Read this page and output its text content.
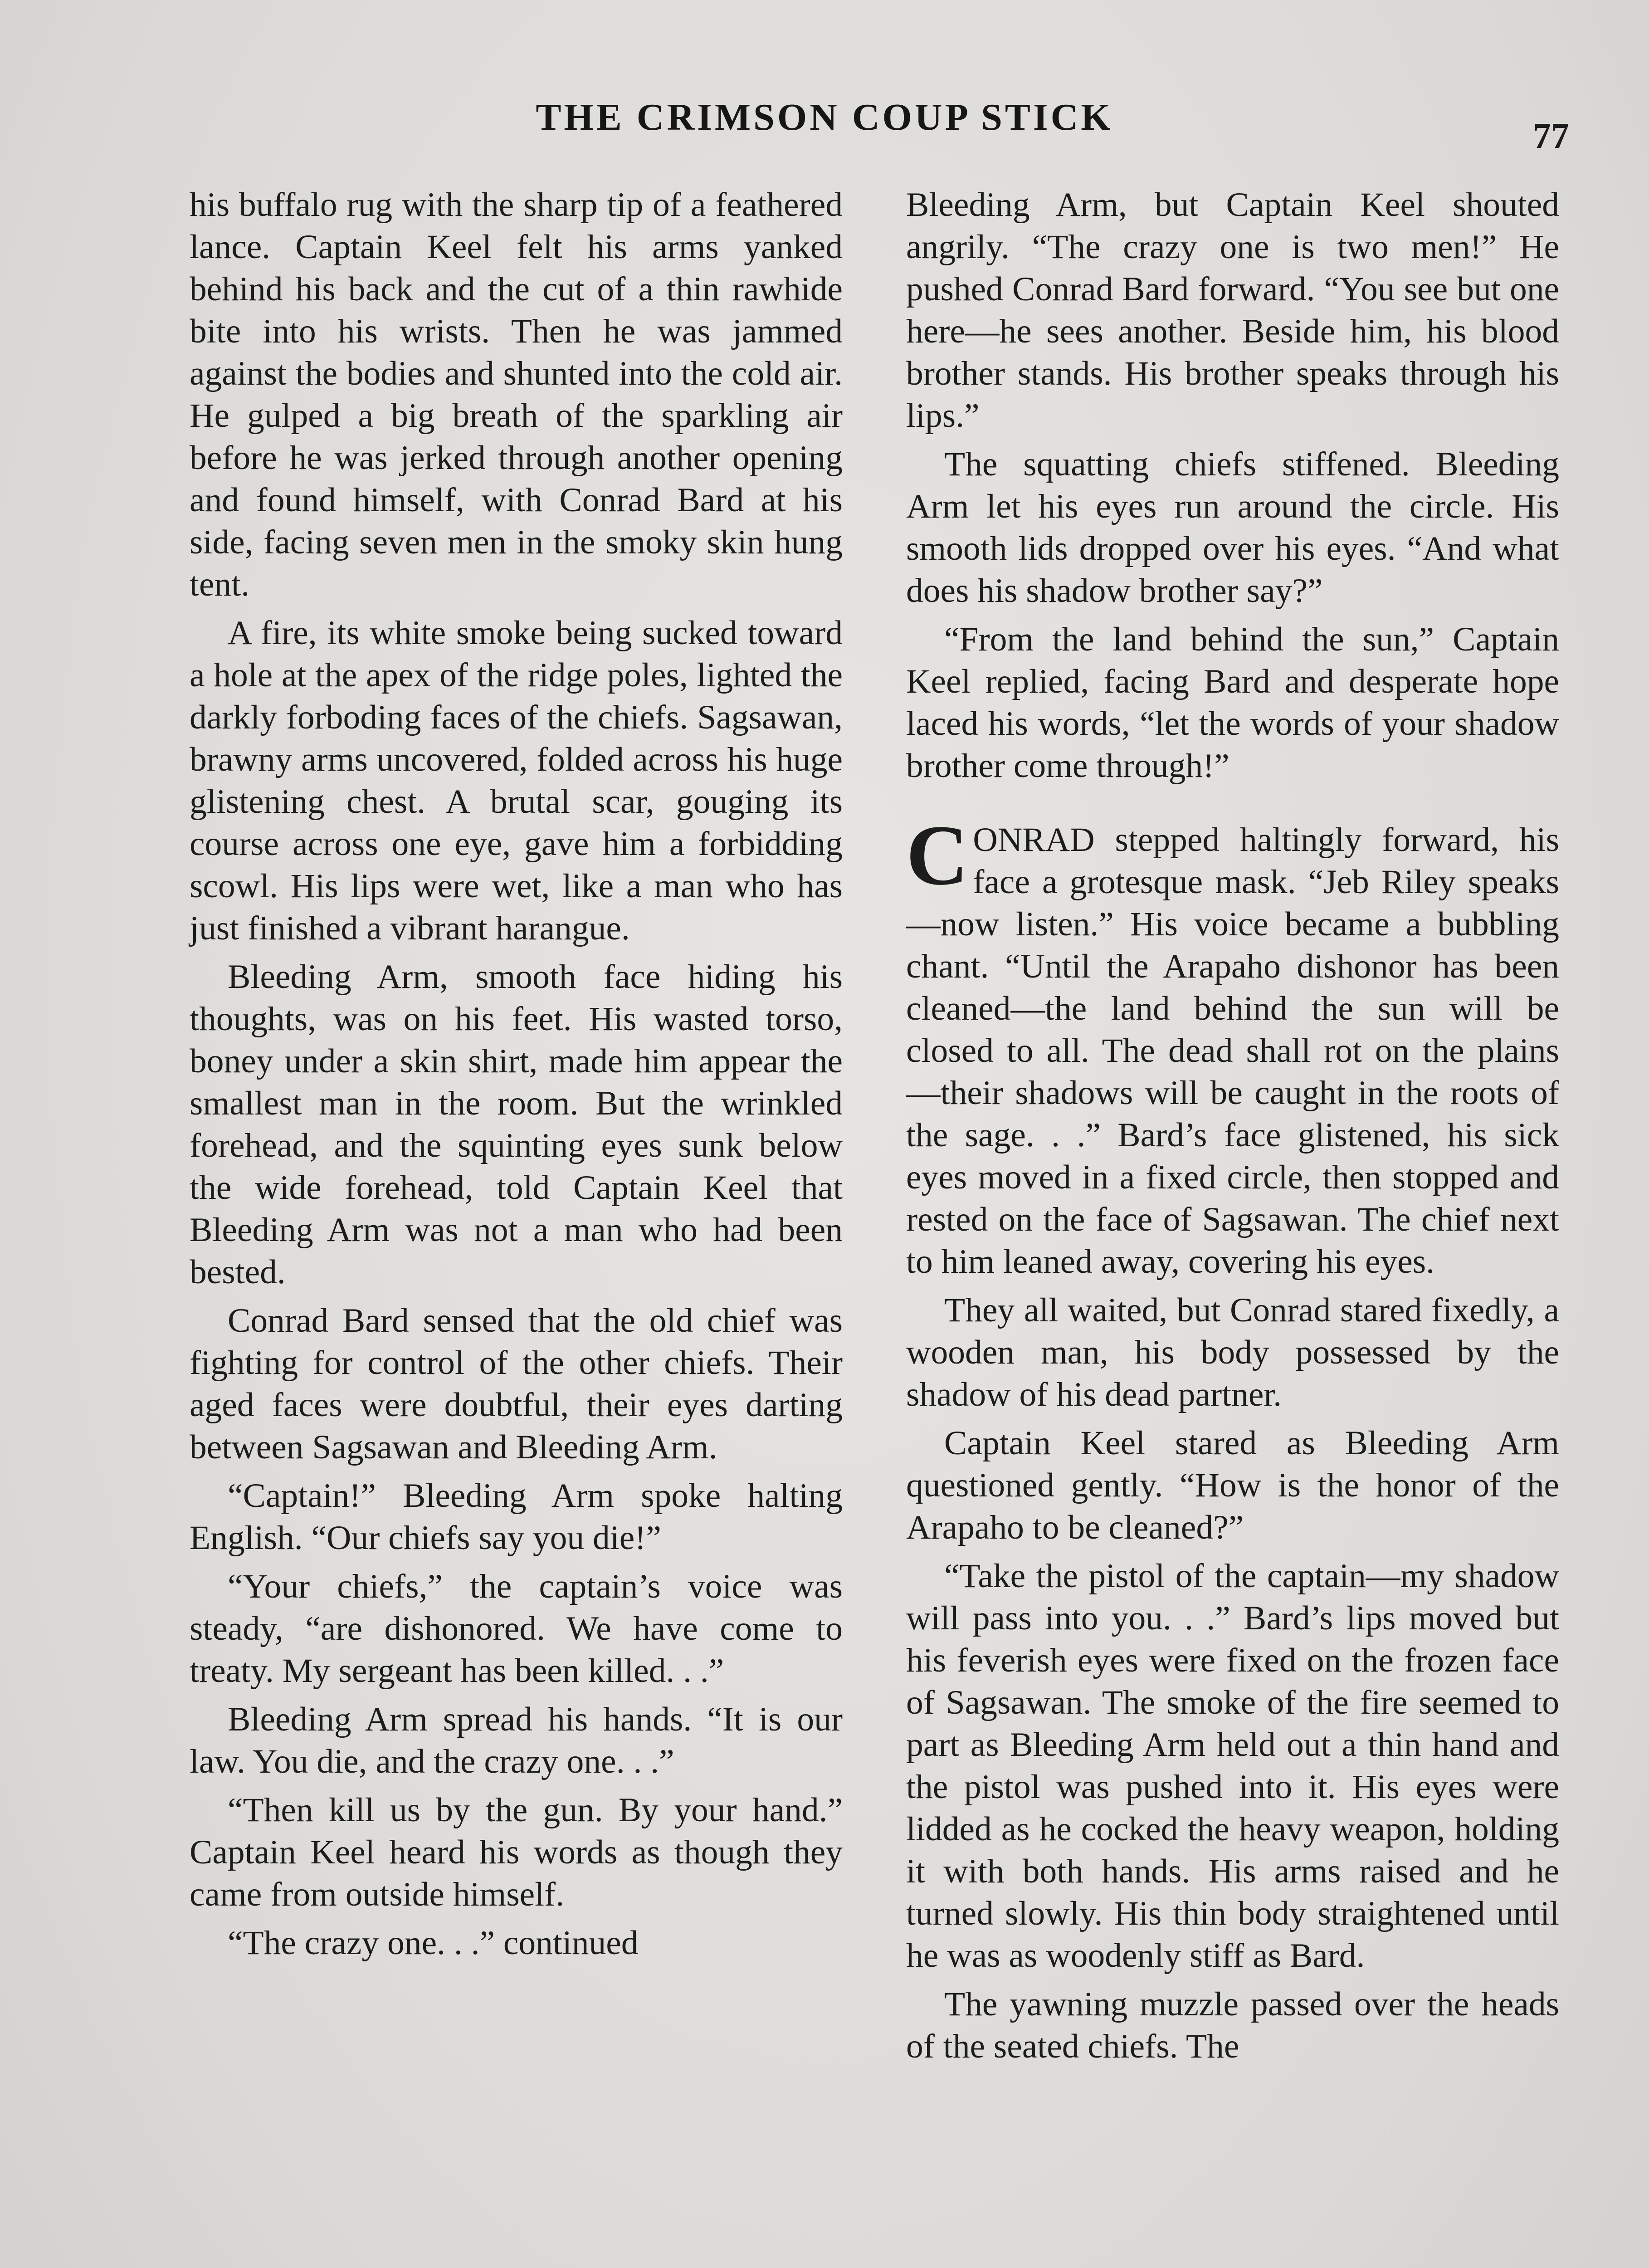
THE CRIMSON COUP STICK	77

his buffalo rug with the sharp tip of a feathered lance. Captain Keel felt his arms yanked behind his back and the cut of a thin rawhide bite into his wrists. Then he was jammed against the bodies and shunted into the cold air. He gulped a big breath of the sparkling air before he was jerked through another opening and found himself, with Conrad Bard at his side, facing seven men in the smoky skin hung tent.

A fire, its white smoke being sucked toward a hole at the apex of the ridge poles, lighted the darkly forboding faces of the chiefs. Sagsawan, brawny arms uncovered, folded across his huge glistening chest. A brutal scar, gouging its course across one eye, gave him a forbidding scowl. His lips were wet, like a man who has just finished a vibrant harangue.

Bleeding Arm, smooth face hiding his thoughts, was on his feet. His wasted torso, boney under a skin shirt, made him appear the smallest man in the room. But the wrinkled forehead, and the squinting eyes sunk below the wide forehead, told Captain Keel that Bleeding Arm was not a man who had been bested.

Conrad Bard sensed that the old chief was fighting for control of the other chiefs. Their aged faces were doubtful, their eyes darting between Sagsawan and Bleeding Arm.

“Captain!” Bleeding Arm spoke halting English. “Our chiefs say you die!”

“Your chiefs,” the captain’s voice was steady, “are dishonored. We have come to treaty. My sergeant has been killed. . .”

Bleeding Arm spread his hands. “It is our law. You die, and the crazy one. . .”

“Then kill us by the gun. By your hand.” Captain Keel heard his words as though they came from outside himself.

“The crazy one. . .” continued

Bleeding Arm, but Captain Keel shouted angrily. “The crazy one is two men!” He pushed Conrad Bard forward. “You see but one here—he sees another. Beside him, his blood brother stands. His brother speaks through his lips.”

The squatting chiefs stiffened. Bleeding Arm let his eyes run around the circle. His smooth lids dropped over his eyes. “And what does his shadow brother say?”

“From the land behind the sun,” Captain Keel replied, facing Bard and desperate hope laced his words, “let the words of your shadow brother come through!”

CONRAD stepped haltingly forward, his face a grotesque mask. “Jeb Riley speaks—now listen.” His voice became a bubbling chant. “Until the Arapaho dishonor has been cleaned—the land behind the sun will be closed to all. The dead shall rot on the plains —their shadows will be caught in the roots of the sage. . .” Bard’s face glistened, his sick eyes moved in a fixed circle, then stopped and rested on the face of Sagsawan. The chief next to him leaned away, covering his eyes.

They all waited, but Conrad stared fixedly, a wooden man, his body possessed by the shadow of his dead partner.

Captain Keel stared as Bleeding Arm questioned gently. “How is the honor of the Arapaho to be cleaned?”

“Take the pistol of the captain—my shadow will pass into you. . .” Bard’s lips moved but his feverish eyes were fixed on the frozen face of Sagsawan. The smoke of the fire seemed to part as Bleeding Arm held out a thin hand and the pistol was pushed into it. His eyes were lidded as he cocked the heavy weapon, holding it with both hands. His arms raised and he turned slowly. His thin body straightened until he was as woodenly stiff as Bard.

The yawning muzzle passed over the heads of the seated chiefs. The
